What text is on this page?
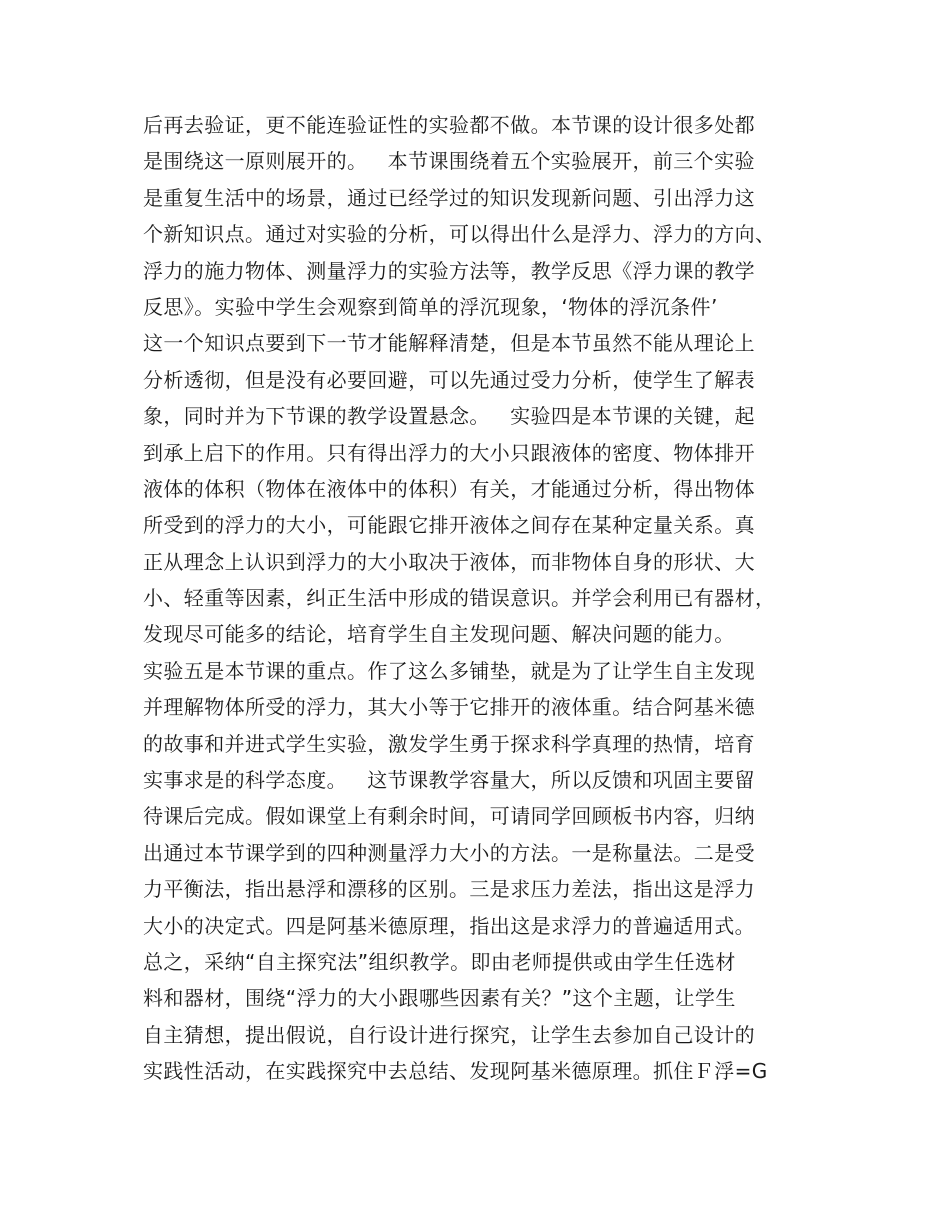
后再去验证，更不能连验证性的实验都不做。本节课的设计很多处都
是围绕这一原则展开的。   本节课围绕着五个实验展开，前三个实验
是重复生活中的场景，通过已经学过的知识发现新问题、引出浮力这
个新知识点。通过对实验的分析，可以得出什么是浮力、浮力的方向、
浮力的施力物体、测量浮力的实验方法等，教学反思《浮力课的教学
反思》。实验中学生会观察到简单的浮沉现象，‘物体的浮沉条件’
这一个知识点要到下一节才能解释清楚，但是本节虽然不能从理论上
分析透彻，但是没有必要回避，可以先通过受力分析，使学生了解表
象，同时并为下节课的教学设置悬念。   实验四是本节课的关键，起
到承上启下的作用。只有得出浮力的大小只跟液体的密度、物体排开
液体的体积（物体在液体中的体积）有关，才能通过分析，得出物体
所受到的浮力的大小，可能跟它排开液体之间存在某种定量关系。真
正从理念上认识到浮力的大小取决于液体，而非物体自身的形状、大
小、轻重等因素，纠正生活中形成的错误意识。并学会利用已有器材，
发现尽可能多的结论，培育学生自主发现问题、解决问题的能力。
实验五是本节课的重点。作了这么多铺垫，就是为了让学生自主发现
并理解物体所受的浮力，其大小等于它排开的液体重。结合阿基米德
的故事和并进式学生实验，激发学生勇于探求科学真理的热情，培育
实事求是的科学态度。   这节课教学容量大，所以反馈和巩固主要留
待课后完成。假如课堂上有剩余时间，可请同学回顾板书内容，归纳
出通过本节课学到的四种测量浮力大小的方法。一是称量法。二是受
力平衡法，指出悬浮和漂移的区别。三是求压力差法，指出这是浮力
大小的决定式。四是阿基米德原理，指出这是求浮力的普遍适用式。
总之，采纳“自主探究法”组织教学。即由老师提供或由学生任选材
料和器材，围绕“浮力的大小跟哪些因素有关？”这个主题，让学生
自主猜想，提出假说，自行设计进行探究，让学生去参加自己设计的
实践性活动，在实践探究中去总结、发现阿基米德原理。抓住Ｆ浮=G
